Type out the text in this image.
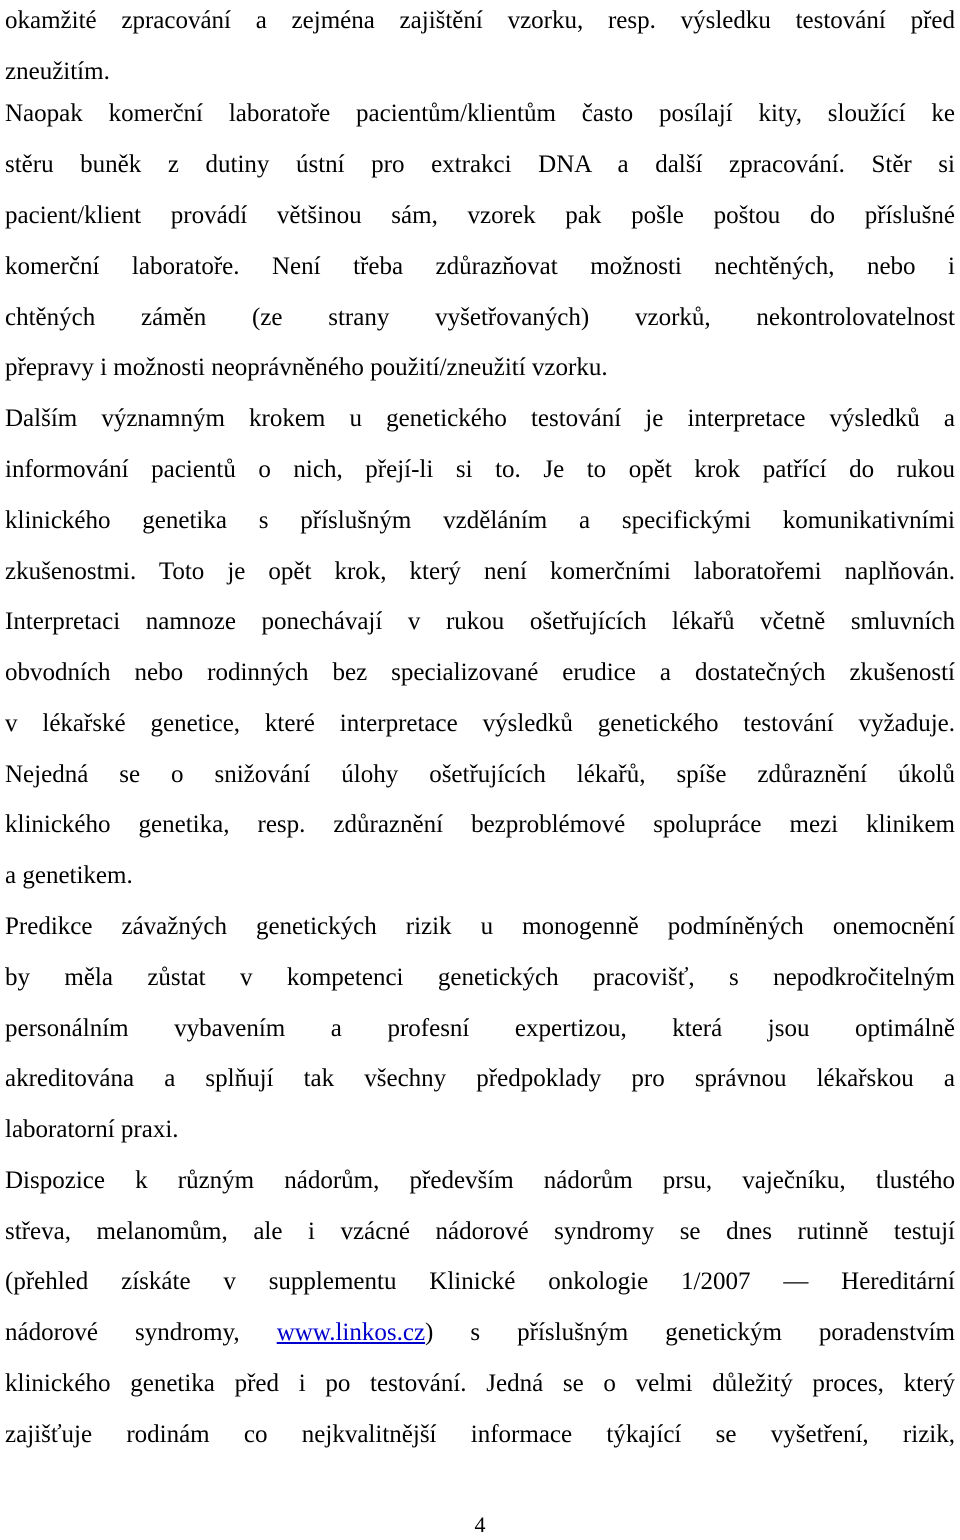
okamžité zpracování a zejména zajištění vzorku, resp. výsledku testování před
zneužitím.
Naopak komerční laboratoře pacientům/klientům často posílají kity, sloužící ke
stěru buněk z dutiny ústní pro extrakci DNA a další zpracování. Stěr si
pacient/klient provádí většinou sám, vzorek pak pošle poštou do příslušné
komerční laboratoře. Není třeba zdůrazňovat možnosti nechtěných, nebo i
chtěných záměn (ze strany vyšetřovaných) vzorků, nekontrolovatelnost
přepravy i možnosti neoprávněného použití/zneužití vzorku.
Dalším významným krokem u genetického testování je interpretace výsledků a
informování pacientů o nich, přejí-li si to. Je to opět krok patřící do rukou
klinického genetika s příslušným vzděláním a specifickými komunikativními
zkušenostmi. Toto je opět krok, který není komerčními laboratořemi naplňován.
Interpretaci namnoze ponechávají v rukou ošetřujících lékařů včetně smluvních
obvodních nebo rodinných bez specializované erudice a dostatečných zkušeností
v lékařské genetice, které interpretace výsledků genetického testování vyžaduje.
Nejedná se o snižování úlohy ošetřujících lékařů, spíše zdůraznění úkolů
klinického genetika, resp. zdůraznění bezproblémové spolupráce mezi klinikem
a genetikem.
Predikce závažných genetických rizik u monogenně podmíněných onemocnění
by měla zůstat v kompetenci genetických pracovišť, s nepodkročitelným
personálním vybavením a profesní expertizou, která jsou optimálně
akreditována a splňují tak všechny předpoklady pro správnou lékařskou a
laboratorní praxi.
Dispozice k různým nádorům, především nádorům prsu, vaječníku, tlustého
střeva, melanomům, ale i vzácné nádorové syndromy se dnes rutinně testují
(přehled získáte v supplementu Klinické onkologie 1/2007 — Hereditární
nádorové syndromy, www.linkos.cz) s příslušným genetickým poradenstvím
klinického genetika před i po testování. Jedná se o velmi důležitý proces, který
zajišťuje rodinám co nejkvalitnější informace týkající se vyšetření, rizik,
4
